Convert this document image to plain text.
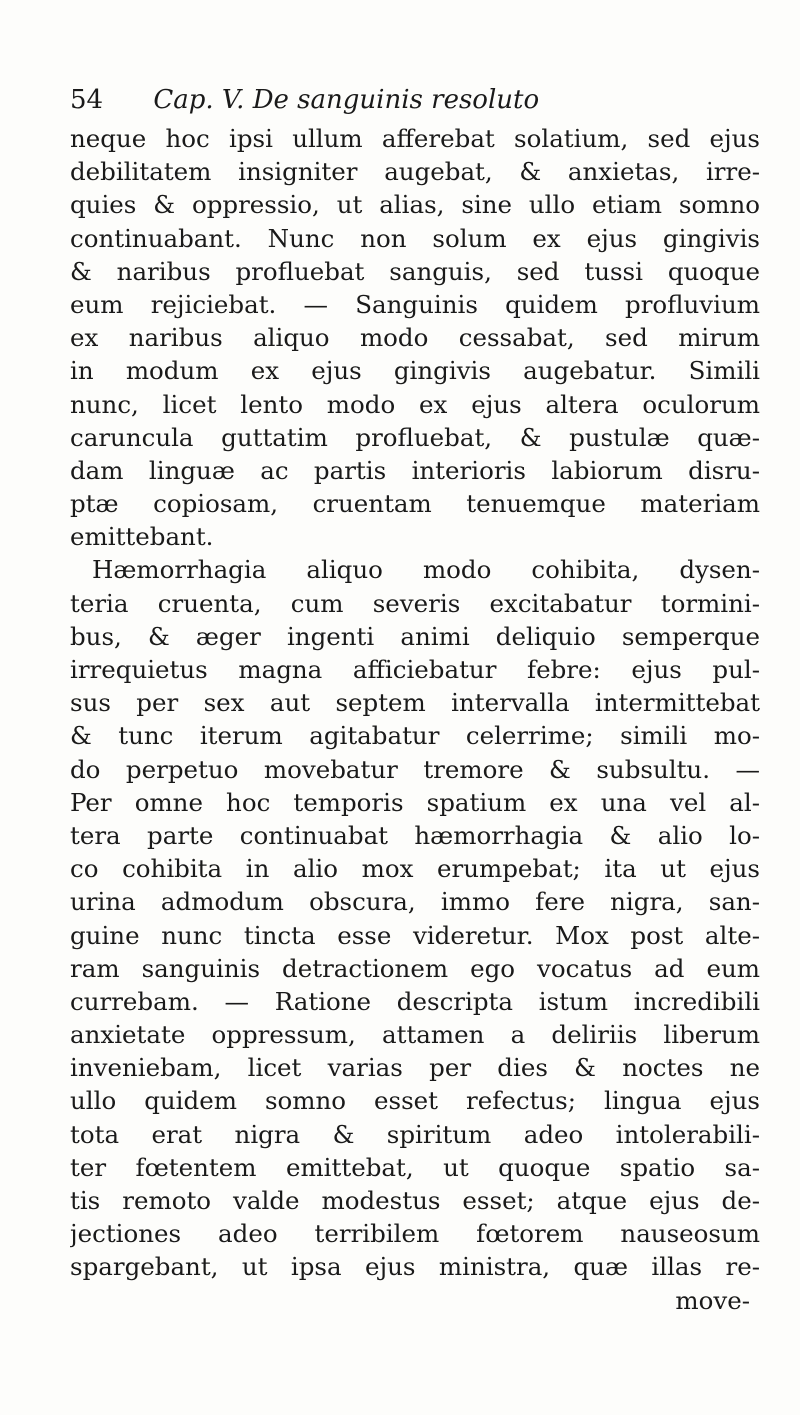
54 Cap. V. De sanguinis resoluto
neque hoc ipsi ullum afferebat solatium, sed ejus
debilitatem insigniter augebat, & anxietas, irre-
quies & oppressio, ut alias, sine ullo etiam somno
continuabant. Nunc non solum ex ejus gingivis
& naribus profluebat sanguis, sed tussi quoque
eum rejiciebat. — Sanguinis quidem profluvium
ex naribus aliquo modo cessabat, sed mirum
in modum ex ejus gingivis augebatur. Simili
nunc, licet lento modo ex ejus altera oculorum
caruncula guttatim profluebat, & pustulæ quæ-
dam linguæ ac partis interioris labiorum disru-
ptæ copiosam, cruentam tenuemque materiam
emittebant.
Hæmorrhagia aliquo modo cohibita, dysen-
teria cruenta, cum severis excitabatur tormini-
bus, & æger ingenti animi deliquio semperque
irrequietus magna afficiebatur febre: ejus pul-
sus per sex aut septem intervalla intermittebat
& tunc iterum agitabatur celerrime; simili mo-
do perpetuo movebatur tremore & subsultu. —
Per omne hoc temporis spatium ex una vel al-
tera parte continuabat hæmorrhagia & alio lo-
co cohibita in alio mox erumpebat; ita ut ejus
urina admodum obscura, immo fere nigra, san-
guine nunc tincta esse videretur. Mox post alte-
ram sanguinis detractionem ego vocatus ad eum
currebam. — Ratione descripta istum incredibili
anxietate oppressum, attamen a deliriis liberum
inveniebam, licet varias per dies & noctes ne
ullo quidem somno esset refectus; lingua ejus
tota erat nigra & spiritum adeo intolerabili-
ter fœtentem emittebat, ut quoque spatio sa-
tis remoto valde modestus esset; atque ejus de-
jectiones adeo terribilem fœtorem nauseosum
spargebant, ut ipsa ejus ministra, quæ illas re-
move-
